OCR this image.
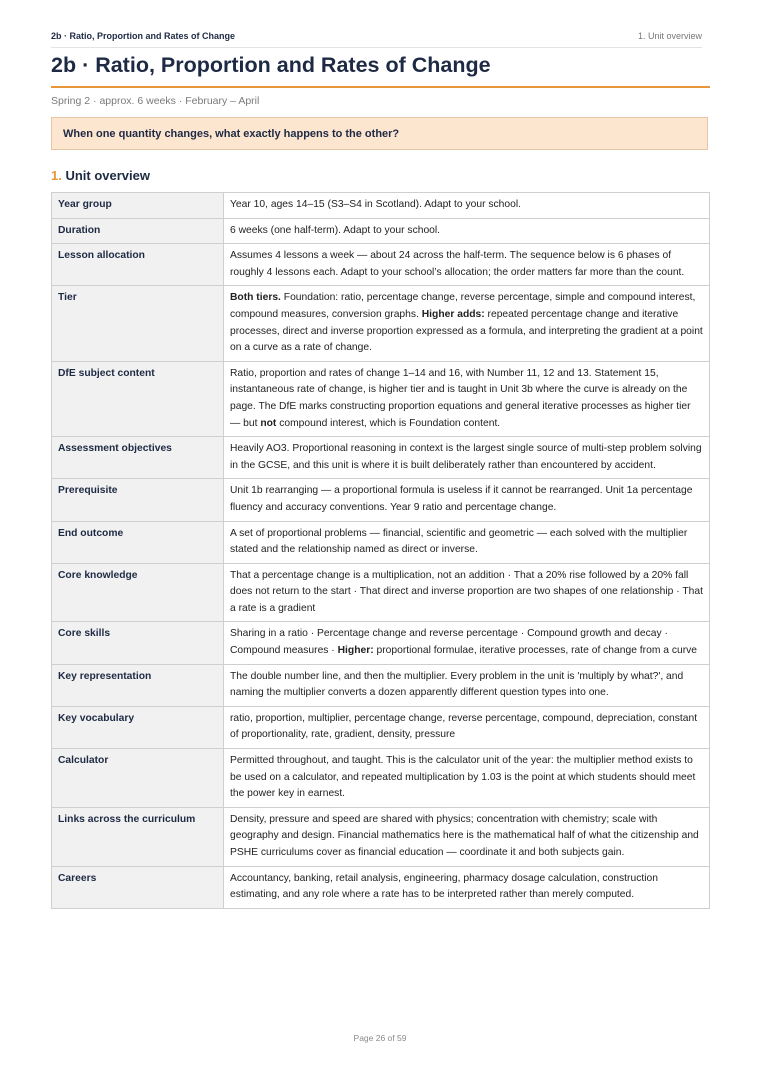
2b · Ratio, Proportion and Rates of Change	1. Unit overview
2b · Ratio, Proportion and Rates of Change
Spring 2 · approx. 6 weeks · February – April
When one quantity changes, what exactly happens to the other?
1. Unit overview
Year group	Year 10, ages 14–15 (S3–S4 in Scotland). Adapt to your school.
Duration	6 weeks (one half-term). Adapt to your school.
Lesson allocation	Assumes 4 lessons a week — about 24 across the half-term. The sequence below is 6 phases of roughly 4 lessons each. Adapt to your school’s allocation; the order matters far more than the count.
Tier	Both tiers. Foundation: ratio, percentage change, reverse percentage, simple and compound interest, compound measures, conversion graphs. Higher adds: repeated percentage change and iterative processes, direct and inverse proportion expressed as a formula, and interpreting the gradient at a point on a curve as a rate of change.
DfE subject content	Ratio, proportion and rates of change 1–14 and 16, with Number 11, 12 and 13. Statement 15, instantaneous rate of change, is higher tier and is taught in Unit 3b where the curve is already on the page. The DfE marks constructing proportion equations and general iterative processes as higher tier — but not compound interest, which is Foundation content.
Assessment objectives	Heavily AO3. Proportional reasoning in context is the largest single source of multi-step problem solving in the GCSE, and this unit is where it is built deliberately rather than encountered by accident.
Prerequisite	Unit 1b rearranging — a proportional formula is useless if it cannot be rearranged. Unit 1a percentage fluency and accuracy conventions. Year 9 ratio and percentage change.
End outcome	A set of proportional problems — financial, scientific and geometric — each solved with the multiplier stated and the relationship named as direct or inverse.
Core knowledge	That a percentage change is a multiplication, not an addition · That a 20% rise followed by a 20% fall does not return to the start · That direct and inverse proportion are two shapes of one relationship · That a rate is a gradient
Core skills	Sharing in a ratio · Percentage change and reverse percentage · Compound growth and decay · Compound measures · Higher: proportional formulae, iterative processes, rate of change from a curve
Key representation	The double number line, and then the multiplier. Every problem in the unit is 'multiply by what?', and naming the multiplier converts a dozen apparently different question types into one.
Key vocabulary	ratio, proportion, multiplier, percentage change, reverse percentage, compound, depreciation, constant of proportionality, rate, gradient, density, pressure
Calculator	Permitted throughout, and taught. This is the calculator unit of the year: the multiplier method exists to be used on a calculator, and repeated multiplication by 1.03 is the point at which students should meet the power key in earnest.
Links across the curriculum	Density, pressure and speed are shared with physics; concentration with chemistry; scale with geography and design. Financial mathematics here is the mathematical half of what the citizenship and PSHE curriculums cover as financial education — coordinate it and both subjects gain.
Careers	Accountancy, banking, retail analysis, engineering, pharmacy dosage calculation, construction estimating, and any role where a rate has to be interpreted rather than merely computed.
Page 26 of 59
